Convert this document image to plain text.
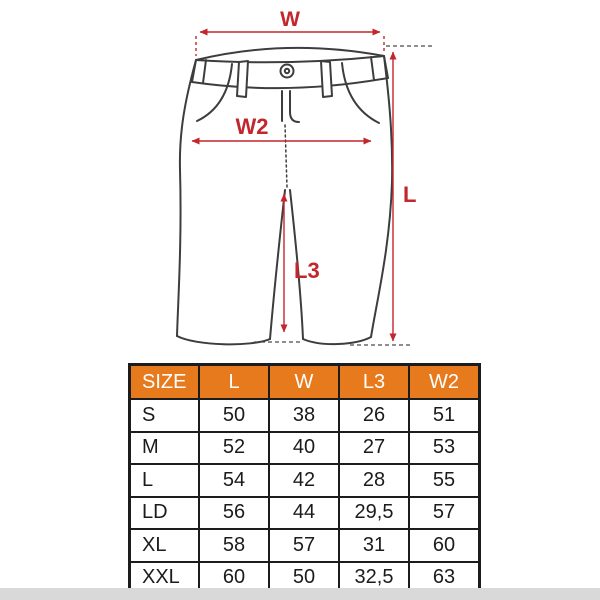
W
W2
L
L3
SIZE	L	W	L3	W2
S	50	38	26	51
M	52	40	27	53
L	54	42	28	55
LD	56	44	29,5	57
XL	58	57	31	60
XXL	60	50	32,5	63
